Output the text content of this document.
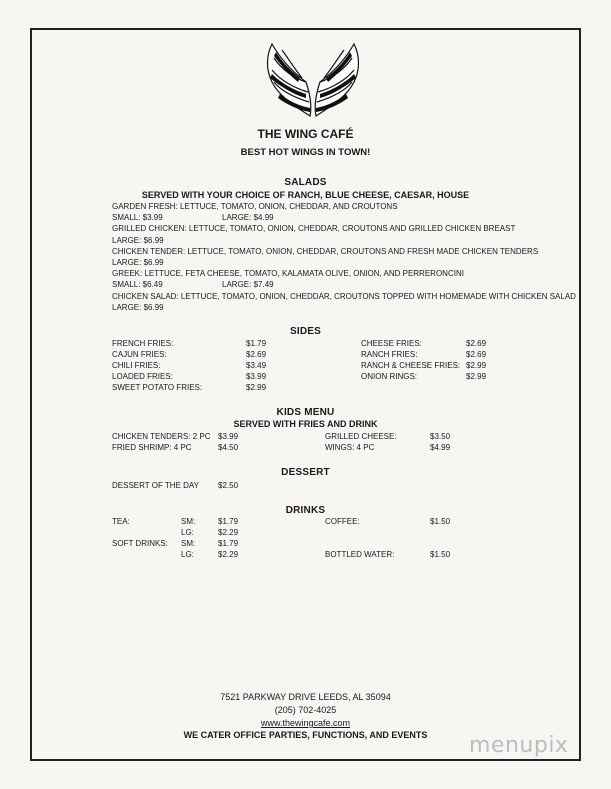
THE WING CAFÉ
BEST HOT WINGS IN TOWN!
SALADS
SERVED WITH YOUR CHOICE OF RANCH, BLUE CHEESE, CAESAR, HOUSE
GARDEN FRESH: LETTUCE, TOMATO, ONION, CHEDDAR, AND CROUTONS
SMALL: $3.99	LARGE: $4.99
GRILLED CHICKEN: LETTUCE, TOMATO, ONION, CHEDDAR, CROUTONS AND GRILLED CHICKEN BREAST
LARGE: $6.99
CHICKEN TENDER: LETTUCE, TOMATO, ONION, CHEDDAR, CROUTONS AND FRESH MADE CHICKEN TENDERS
LARGE: $6.99
GREEK: LETTUCE, FETA CHEESE, TOMATO, KALAMATA OLIVE, ONION, AND PERRERONCINI
SMALL: $6.49	LARGE: $7.49
CHICKEN SALAD: LETTUCE, TOMATO, ONION, CHEDDAR, CROUTONS TOPPED WITH HOMEMADE WITH CHICKEN SALAD
LARGE: $6.99
SIDES
FRENCH FRIES:	$1.79
CAJUN FRIES:	$2.69
CHILI FRIES:	$3.49
LOADED FRIES:	$3.99
SWEET POTATO FRIES:	$2.99
CHEESE FRIES:	$2.69
RANCH FRIES:	$2.69
RANCH & CHEESE FRIES: $2.99
ONION RINGS:	$2.99
KIDS MENU
SERVED WITH FRIES AND DRINK
CHICKEN TENDERS: 2 PC $3.99
FRIED SHRIMP: 4 PC	$4.50
GRILLED CHEESE:	$3.50
WINGS: 4 PC	$4.99
DESSERT
DESSERT OF THE DAY $2.50
DRINKS
TEA:	SM:	$1.79
LG:	$2.29
SOFT DRINKS: SM:	$1.79
LG:	$2.29
COFFEE:	$1.50
BOTTLED WATER:	$1.50
7521 PARKWAY DRIVE LEEDS, AL 35094
(205) 702-4025
www.thewingcafe.com
WE CATER OFFICE PARTIES, FUNCTIONS, AND EVENTS	menupix
